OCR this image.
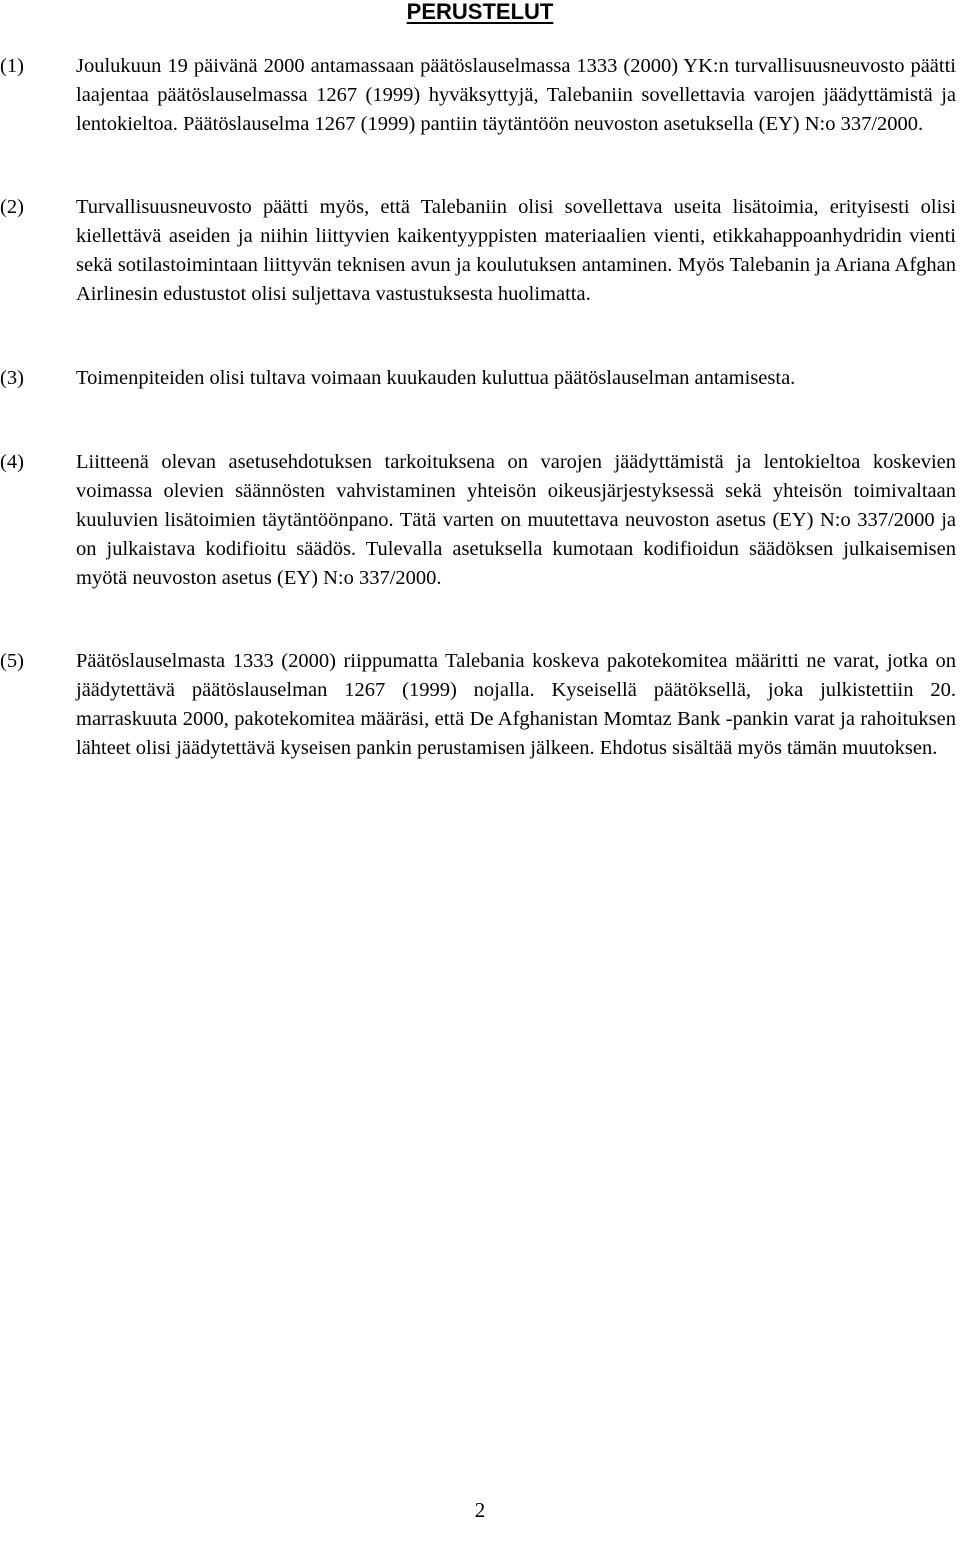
PERUSTELUT
(1)	Joulukuun 19 päivänä 2000 antamassaan päätöslauselmassa 1333 (2000) YK:n turvallisuusneuvosto päätti laajentaa päätöslauselmassa 1267 (1999) hyväksyttyjä, Talebaniin sovellettavia varojen jäädyttämistä ja lentokieltoa. Päätöslauselma 1267 (1999) pantiin täytäntöön neuvoston asetuksella (EY) N:o 337/2000.
(2)	Turvallisuusneuvosto päätti myös, että Talebaniin olisi sovellettava useita lisätoimia, erityisesti olisi kiellettävä aseiden ja niihin liittyvien kaikentyyppisten materiaalien vienti, etikkahappoanhydridin vienti sekä sotilastoimintaan liittyvän teknisen avun ja koulutuksen antaminen. Myös Talebanin ja Ariana Afghan Airlinesin edustustot olisi suljettava vastustuksesta huolimatta.
(3)	Toimenpiteiden olisi tultava voimaan kuukauden kuluttua päätöslauselman antamisesta.
(4)	Liitteenä olevan asetusehdotuksen tarkoituksena on varojen jäädyttämistä ja lentokieltoa koskevien voimassa olevien säännösten vahvistaminen yhteisön oikeusjärjestyksessä sekä yhteisön toimivaltaan kuuluvien lisätoimien täytäntöönpano. Tätä varten on muutettava neuvoston asetus (EY) N:o 337/2000 ja on julkaistava kodifioitu säädös. Tulevalla asetuksella kumotaan kodifioidun säädöksen julkaisemisen myötä neuvoston asetus (EY) N:o 337/2000.
(5)	Päätöslauselmasta 1333 (2000) riippumatta Talebania koskeva pakotekomitea määritti ne varat, jotka on jäädytettävä päätöslauselman 1267 (1999) nojalla. Kyseisellä päätöksellä, joka julkistettiin 20. marraskuuta 2000, pakotekomitea määräsi, että De Afghanistan Momtaz Bank -pankin varat ja rahoituksen lähteet olisi jäädytettävä kyseisen pankin perustamisen jälkeen. Ehdotus sisältää myös tämän muutoksen.
2
